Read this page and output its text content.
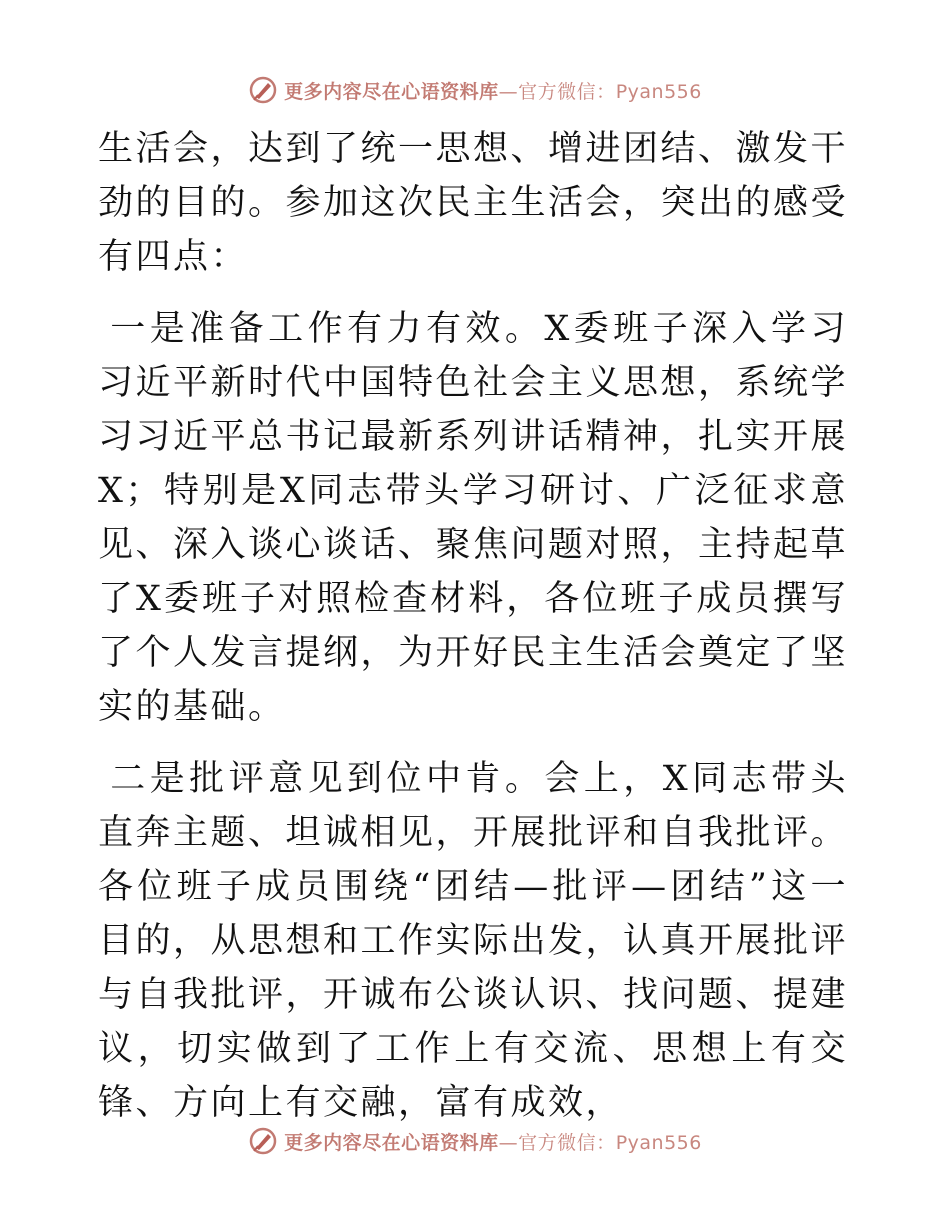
更多内容尽在心语资料库—官方微信：Pyan556

生活会，达到了统一思想、增进团结、激发干劲的目的。参加这次民主生活会，突出的感受有四点：

一是准备工作有力有效。X委班子深入学习习近平新时代中国特色社会主义思想，系统学习习近平总书记最新系列讲话精神，扎实开展X；特别是X同志带头学习研讨、广泛征求意见、深入谈心谈话、聚焦问题对照，主持起草了X委班子对照检查材料，各位班子成员撰写了个人发言提纲，为开好民主生活会奠定了坚实的基础。

二是批评意见到位中肯。会上，X同志带头直奔主题、坦诚相见，开展批评和自我批评。各位班子成员围绕“团结—批评—团结”这一目的，从思想和工作实际出发，认真开展批评与自我批评，开诚布公谈认识、找问题、提建议，切实做到了工作上有交流、思想上有交锋、方向上有交融，富有成效，

更多内容尽在心语资料库—官方微信：Pyan556
